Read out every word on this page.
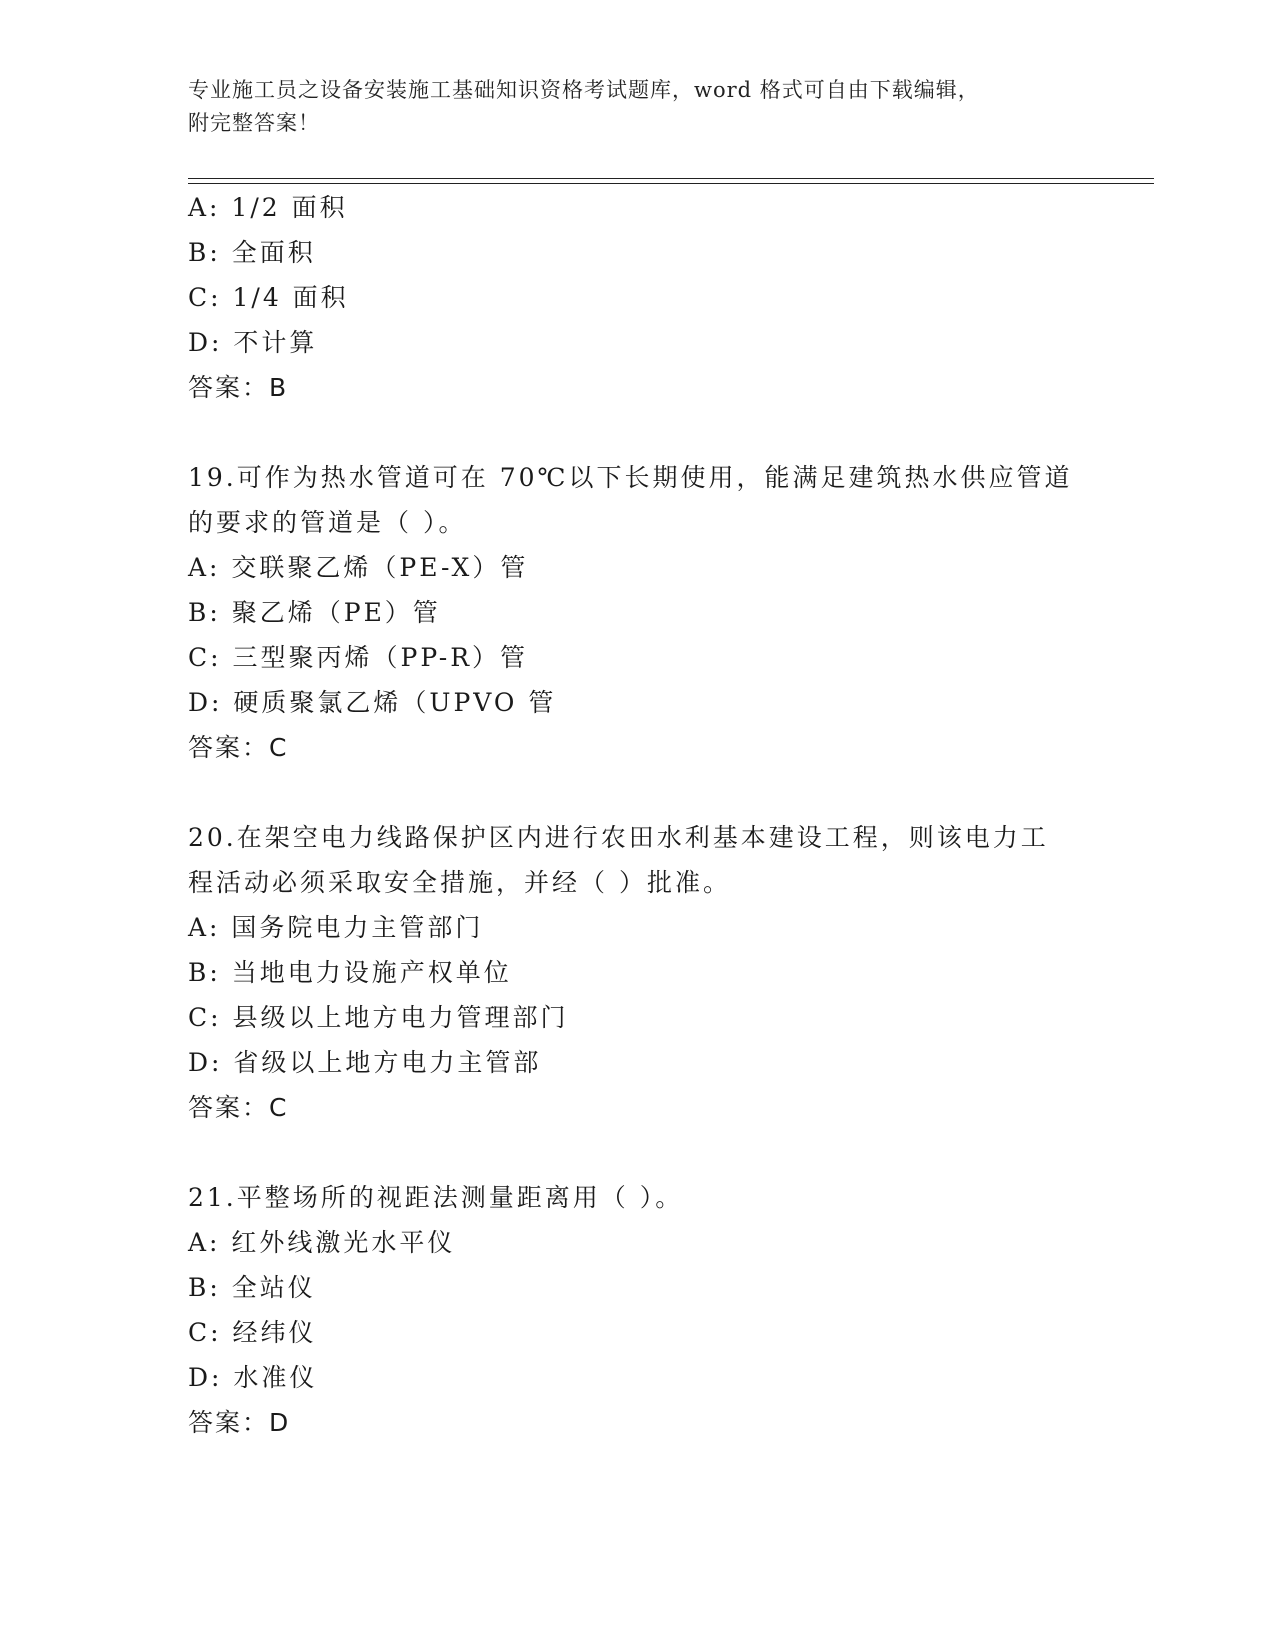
专业施工员之设备安装施工基础知识资格考试题库，word 格式可自由下载编辑，
附完整答案！
A: 1/2 面积
B: 全面积
C: 1/4 面积
D: 不计算
答案：B
19.可作为热水管道可在 70℃以下长期使用，能满足建筑热水供应管道
的要求的管道是（ ）。
A: 交联聚乙烯（PE-X）管
B: 聚乙烯（PE）管
C: 三型聚丙烯（PP-R）管
D: 硬质聚氯乙烯（UPVO 管
答案：C
20.在架空电力线路保护区内进行农田水利基本建设工程，则该电力工
程活动必须采取安全措施，并经（ ）批准。
A: 国务院电力主管部门
B: 当地电力设施产权单位
C: 县级以上地方电力管理部门
D: 省级以上地方电力主管部
答案：C
21.平整场所的视距法测量距离用（ ）。
A: 红外线激光水平仪
B: 全站仪
C: 经纬仪
D: 水准仪
答案：D
